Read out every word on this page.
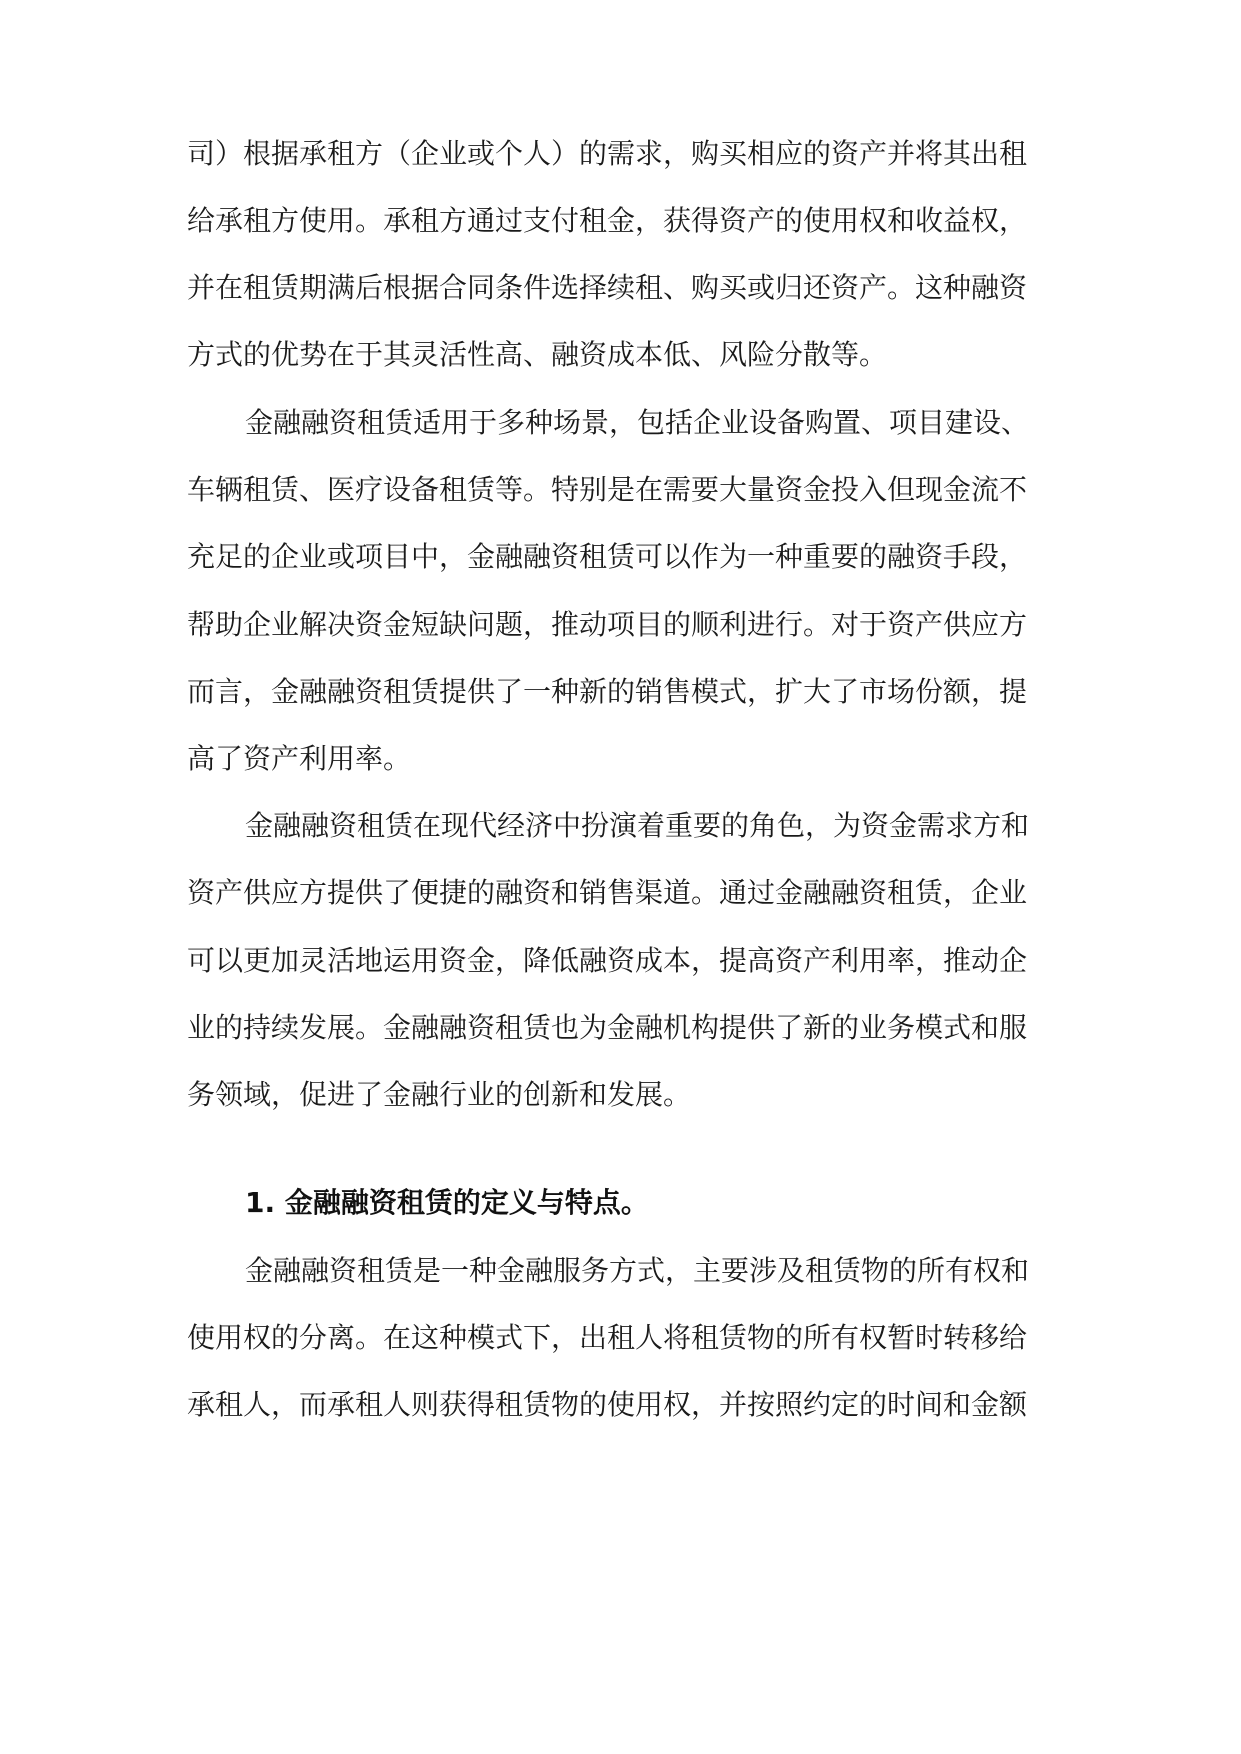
司）根据承租方（企业或个人）的需求，购买相应的资产并将其出租
给承租方使用。承租方通过支付租金，获得资产的使用权和收益权，
并在租赁期满后根据合同条件选择续租、购买或归还资产。这种融资
方式的优势在于其灵活性高、融资成本低、风险分散等。
金融融资租赁适用于多种场景，包括企业设备购置、项目建设、
车辆租赁、医疗设备租赁等。特别是在需要大量资金投入但现金流不
充足的企业或项目中，金融融资租赁可以作为一种重要的融资手段，
帮助企业解决资金短缺问题，推动项目的顺利进行。对于资产供应方
而言，金融融资租赁提供了一种新的销售模式，扩大了市场份额，提
高了资产利用率。
金融融资租赁在现代经济中扮演着重要的角色，为资金需求方和
资产供应方提供了便捷的融资和销售渠道。通过金融融资租赁，企业
可以更加灵活地运用资金，降低融资成本，提高资产利用率，推动企
业的持续发展。金融融资租赁也为金融机构提供了新的业务模式和服
务领域，促进了金融行业的创新和发展。
1. 金融融资租赁的定义与特点。
金融融资租赁是一种金融服务方式，主要涉及租赁物的所有权和
使用权的分离。在这种模式下，出租人将租赁物的所有权暂时转移给
承租人，而承租人则获得租赁物的使用权，并按照约定的时间和金额
